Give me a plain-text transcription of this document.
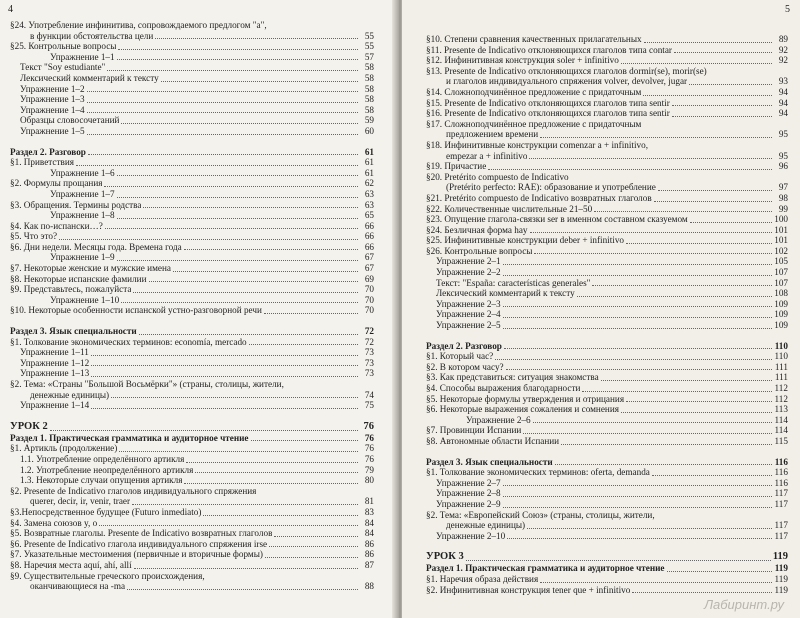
4
§24. Употребление инфинитива, сопровождаемого предлогом "a",
в функции обстоятельства цели	55
§25. Контрольные вопросы	55
Упражнение 1–1	57
Текст "Soy estudiante"	58
Лексический комментарий к тексту	58
Упражнение 1–2	58
Упражнение 1–3	58
Упражнение 1–4	58
Образцы словосочетаний	59
Упражнение 1–5	60
Раздел 2. Разговор	61
§1. Приветствия	61
Упражнение 1–6	61
§2. Формулы прощания	62
Упражнение 1–7	63
§3. Обращения. Термины родства	63
Упражнение 1–8	65
§4. Как по-испански…?	66
§5. Что это?	66
§6. Дни недели. Месяцы года. Времена года	66
Упражнение 1–9	67
§7. Некоторые женские и мужские имена	67
§8. Некоторые испанские фамилии	69
§9. Представьтесь, пожалуйста	70
Упражнение 1–10	70
§10. Некоторые особенности испанской устно-разговорной речи	70
Раздел 3. Язык специальности	72
§1. Толкование экономических терминов: economía, mercado	72
Упражнение 1–11	73
Упражнение 1–12	73
Упражнение 1–13	73
§2. Тема: «Страны "Большой Восьмёрки"» (страны, столицы, жители,
денежные единицы)	74
Упражнение 1–14	75
УРОК 2	76
Раздел 1. Практическая грамматика и аудиторное чтение	76
§1. Артикль (продолжение)	76
1.1. Употребление определённого артикля	76
1.2. Употребление неопределённого артикля	79
1.3. Некоторые случаи опущения артикля	80
§2. Presente de Indicativo глаголов индивидуального спряжения
querer, decir, ir, venir, traer	81
§3.Непосредственное будущее (Futuro inmediato)	83
§4. Замена союзов y, o	84
§5. Возвратные глаголы. Presente de Indicativo возвратных глаголов	84
§6. Presente de Indicativo глагола индивидуального спряжения irse	86
§7. Указательные местоимения (первичные и вторичные формы)	86
§8. Наречия места aquí, ahí, allí	87
§9. Существительные греческого происхождения,
оканчивающиеся на -ma	88
5
§10. Степени сравнения качественных прилагательных	89
§11. Presente de Indicativo отклоняющихся глаголов типа contar	92
§12. Инфинитивная конструкция soler + infinitivo	92
§13. Presente de Indicativo отклоняющихся глаголов dormir(se), morir(se)
и глаголов индивидуального спряжения volver, devolver, jugar	93
§14. Сложноподчинённое предложение с придаточным	94
§15. Presente de Indicativo отклоняющихся глаголов типа sentir	94
§16. Presente de Indicativo отклоняющихся глаголов типа sentir	94
§17. Сложноподчинённое предложение с придаточным
предложением времени	95
§18. Инфинитивные конструкции comenzar a + infinitivo,
empezar a + infinitivo	95
§19. Причастие	96
§20. Pretérito compuesto de Indicativo
(Pretérito perfecto: RAE): образование и употребление	97
§21. Pretérito compuesto de Indicativo возвратных глаголов	98
§22. Количественные числительные 21–50	99
§23. Опущение глагола-связки ser в именном составном сказуемом	100
§24. Безличная форма hay	101
§25. Инфинитивные конструкции deber + infinitivo	101
§26. Контрольные вопросы	102
Упражнение 2–1	105
Упражнение 2–2	107
Текст: "España: características generales"	107
Лексический комментарий к тексту	108
Упражнение 2–3	109
Упражнение 2–4	109
Упражнение 2–5	109
Раздел 2. Разговор	110
§1. Который час?	110
§2. В котором часу?	111
§3. Как представиться: ситуация знакомства	111
§4. Способы выражения благодарности	112
§5. Некоторые формулы утверждения и отрицания	112
§6. Некоторые выражения сожаления и сомнения	113
Упражнение 2–6	114
§7. Провинции Испании	114
§8. Автономные области Испании	115
Раздел 3. Язык специальности	116
§1. Толкование экономических терминов: oferta, demanda	116
Упражнение 2–7	116
Упражнение 2–8	117
Упражнение 2–9	117
§2. Тема: «Европейский Союз» (страны, столицы, жители,
денежные единицы)	117
Упражнение 2–10	117
УРОК 3	119
Раздел 1. Практическая грамматика и аудиторное чтение	119
§1. Наречия образа действия	119
§2. Инфинитивная конструкция tener que + infinitivo	119
Лабиринт.ру
